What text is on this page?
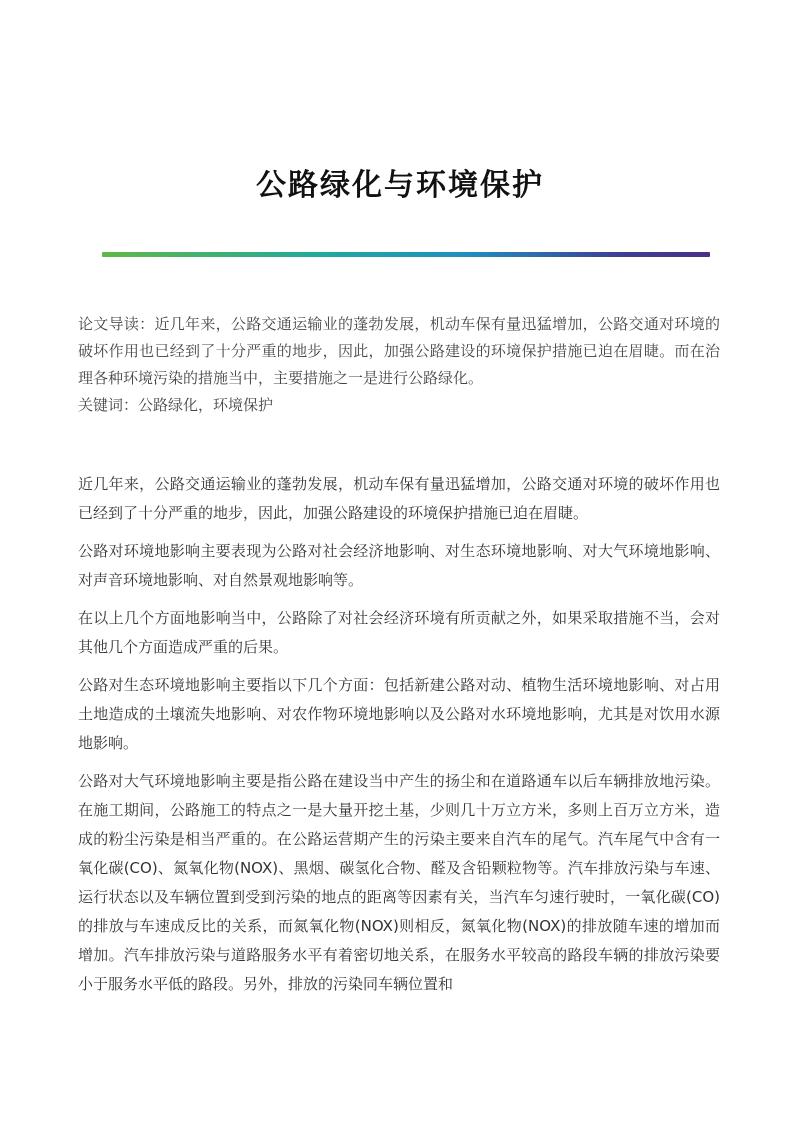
公路绿化与环境保护

论文导读：近几年来，公路交通运输业的蓬勃发展，机动车保有量迅猛增加，公路交通对环境的破坏作用也已经到了十分严重的地步，因此，加强公路建设的环境保护措施已迫在眉睫。而在治理各种环境污染的措施当中，主要措施之一是进行公路绿化。

关键词：公路绿化，环境保护

近几年来，公路交通运输业的蓬勃发展，机动车保有量迅猛增加，公路交通对环境的破坏作用也已经到了十分严重的地步，因此，加强公路建设的环境保护措施已迫在眉睫。

公路对环境地影响主要表现为公路对社会经济地影响、对生态环境地影响、对大气环境地影响、对声音环境地影响、对自然景观地影响等。

在以上几个方面地影响当中，公路除了对社会经济环境有所贡献之外，如果采取措施不当，会对其他几个方面造成严重的后果。

公路对生态环境地影响主要指以下几个方面：包括新建公路对动、植物生活环境地影响、对占用土地造成的土壤流失地影响、对农作物环境地影响以及公路对水环境地影响，尤其是对饮用水源地影响。

公路对大气环境地影响主要是指公路在建设当中产生的扬尘和在道路通车以后车辆排放地污染。在施工期间，公路施工的特点之一是大量开挖土基，少则几十万立方米，多则上百万立方米，造成的粉尘污染是相当严重的。在公路运营期产生的污染主要来自汽车的尾气。汽车尾气中含有一氧化碳(CO)、氮氧化物(NOX)、黑烟、碳氢化合物、醛及含铅颗粒物等。汽车排放污染与车速、运行状态以及车辆位置到受到污染的地点的距离等因素有关，当汽车匀速行驶时，一氧化碳(CO)的排放与车速成反比的关系，而氮氧化物(NOX)则相反，氮氧化物(NOX)的排放随车速的增加而增加。汽车排放污染与道路服务水平有着密切地关系，在服务水平较高的路段车辆的排放污染要小于服务水平低的路段。另外，排放的污染同车辆位置和
